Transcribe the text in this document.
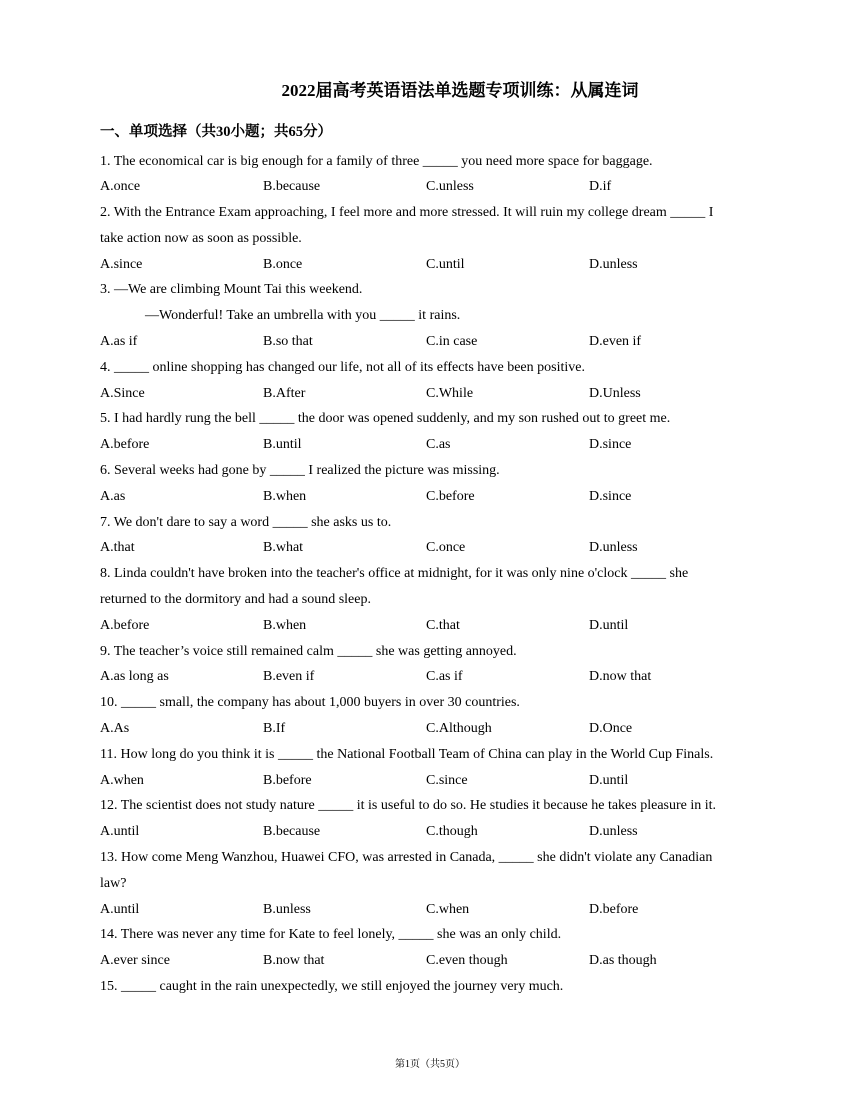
2022届高考英语语法单选题专项训练：从属连词
一、单项选择（共30小题；共65分）
1. The economical car is big enough for a family of three _____ you need more space for baggage.
A.once	B.because	C.unless	D.if
2. With the Entrance Exam approaching, I feel more and more stressed. It will ruin my college dream _____ I
take action now as soon as possible.
A.since	B.once	C.until	D.unless
3. —We are climbing Mount Tai this weekend.
—Wonderful! Take an umbrella with you _____ it rains.
A.as if	B.so that	C.in case	D.even if
4. _____ online shopping has changed our life, not all of its effects have been positive.
A.Since	B.After	C.While	D.Unless
5. I had hardly rung the bell _____ the door was opened suddenly, and my son rushed out to greet me.
A.before	B.until	C.as	D.since
6. Several weeks had gone by _____ I realized the picture was missing.
A.as	B.when	C.before	D.since
7. We don't dare to say a word _____ she asks us to.
A.that	B.what	C.once	D.unless
8. Linda couldn't have broken into the teacher's office at midnight, for it was only nine o'clock _____ she
returned to the dormitory and had a sound sleep.
A.before	B.when	C.that	D.until
9. The teacher’s voice still remained calm _____ she was getting annoyed.
A.as long as	B.even if	C.as if	D.now that
10. _____ small, the company has about 1,000 buyers in over 30 countries.
A.As	B.If	C.Although	D.Once
11. How long do you think it is _____ the National Football Team of China can play in the World Cup Finals.
A.when	B.before	C.since	D.until
12. The scientist does not study nature _____ it is useful to do so. He studies it because he takes pleasure in it.
A.until	B.because	C.though	D.unless
13. How come Meng Wanzhou, Huawei CFO, was arrested in Canada, _____ she didn't violate any Canadian
law?
A.until	B.unless	C.when	D.before
14. There was never any time for Kate to feel lonely, _____ she was an only child.
A.ever since	B.now that	C.even though	D.as though
15. _____ caught in the rain unexpectedly, we still enjoyed the journey very much.
第1页（共5页）
